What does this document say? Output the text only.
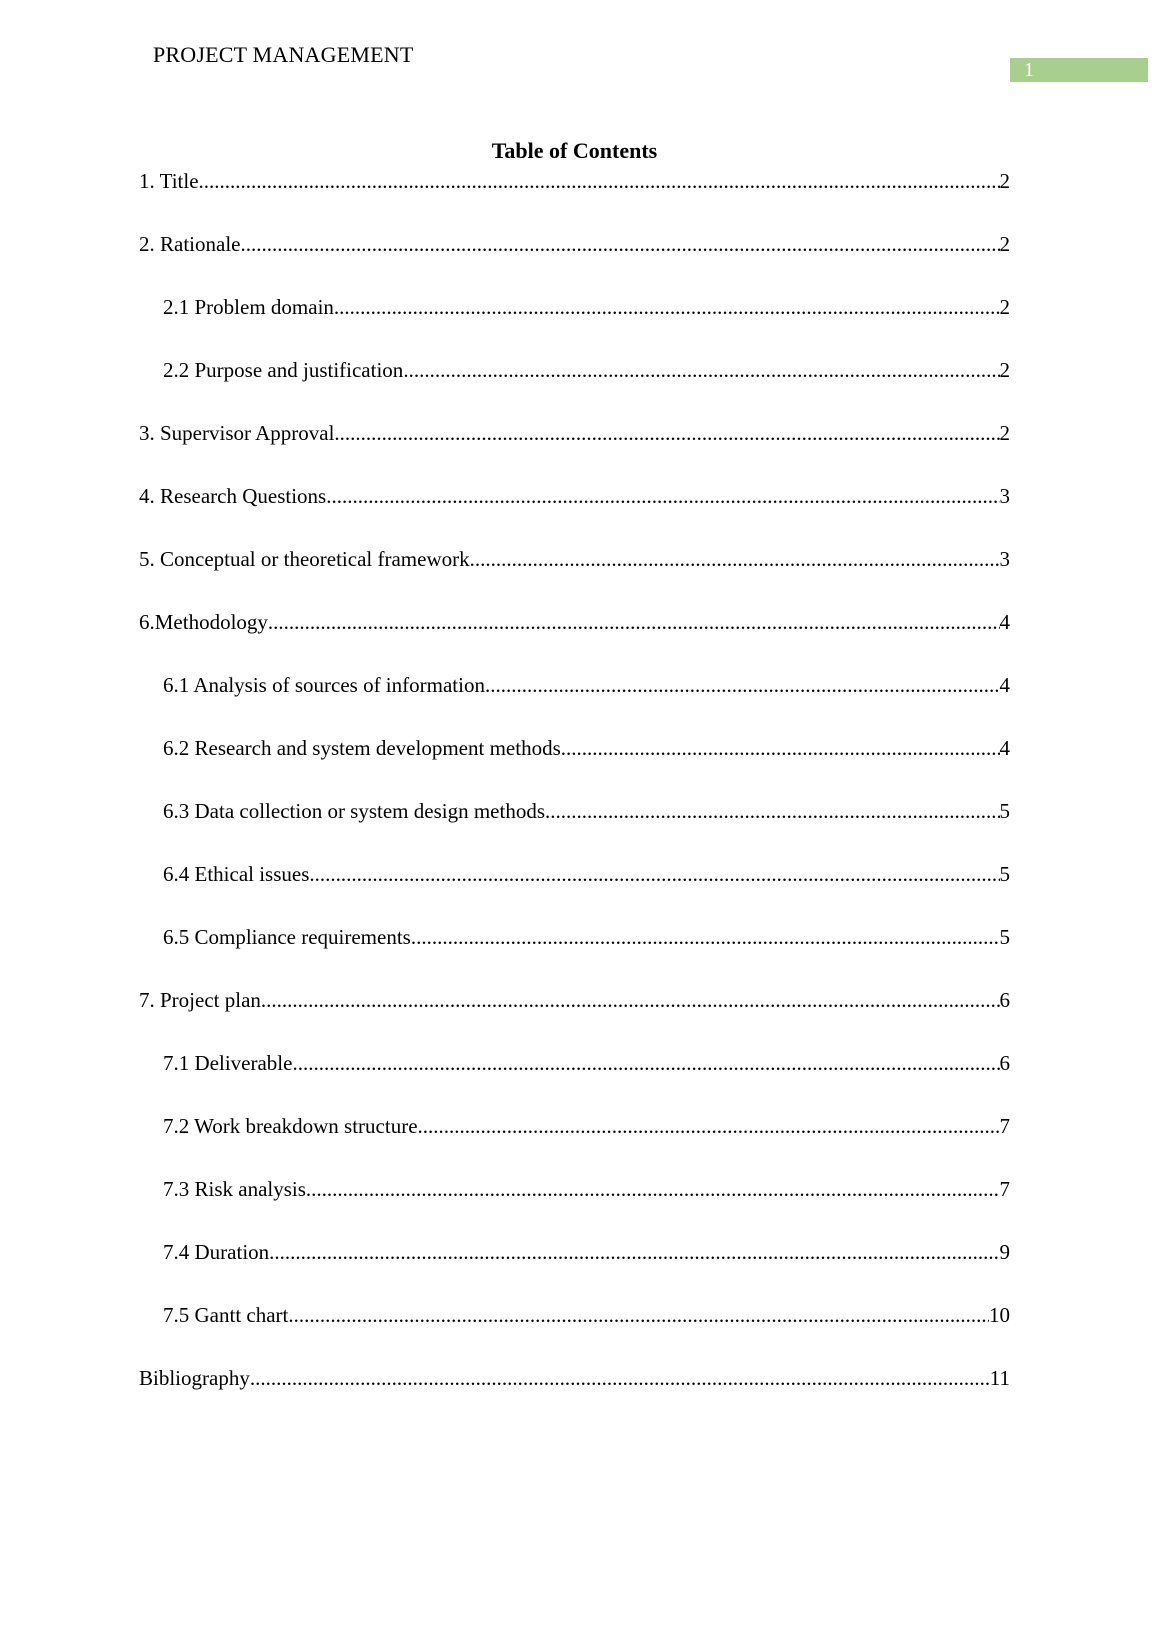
PROJECT MANAGEMENT
1
Table of Contents
1. Title .....	2
2. Rationale .....	2
2.1 Problem domain .....	2
2.2 Purpose and justification .....	2
3. Supervisor Approval .....	2
4. Research Questions .....	3
5. Conceptual or theoretical framework .....	3
6.Methodology .....	4
6.1 Analysis of sources of information .....	4
6.2 Research and system development methods .....	4
6.3 Data collection or system design methods .....	5
6.4 Ethical issues .....	5
6.5 Compliance requirements .....	5
7. Project plan .....	6
7.1 Deliverable .....	6
7.2 Work breakdown structure .....	7
7.3 Risk analysis .....	7
7.4 Duration .....	9
7.5 Gantt chart .....	10
Bibliography .....	11
